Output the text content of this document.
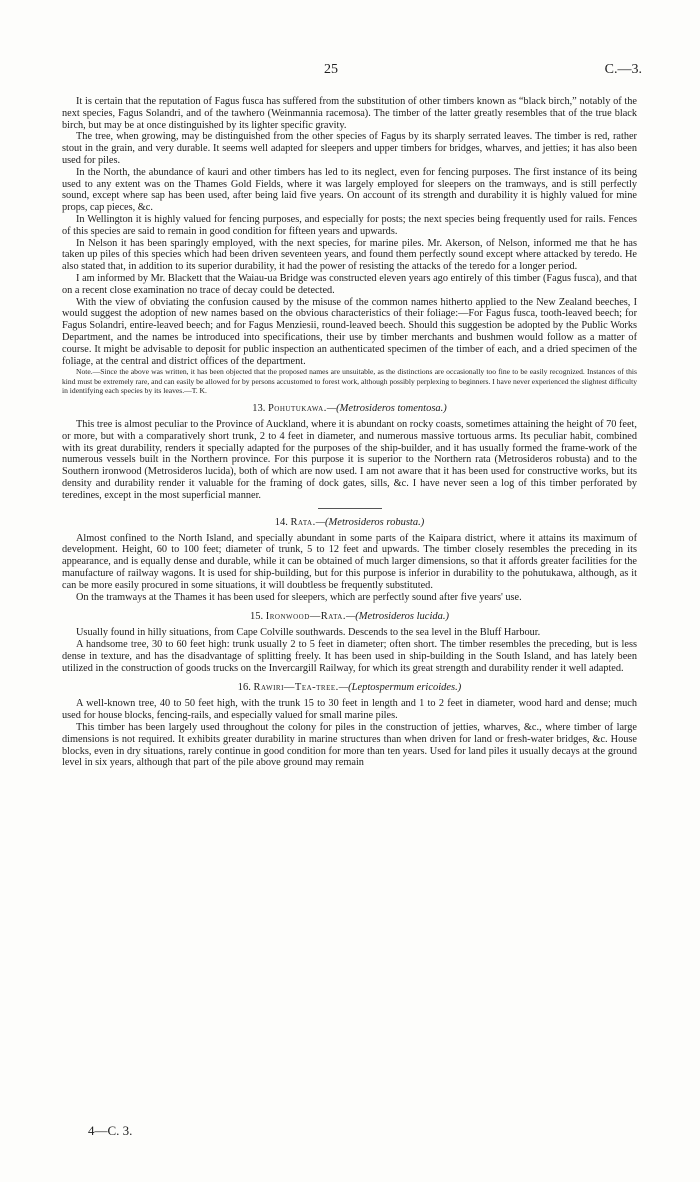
25	C.—3.

It is certain that the reputation of Fagus fusca has suffered from the substitution of other timbers known as “black birch,” notably of the next species, Fagus Solandri, and of the tawhero (Weinmannia racemosa). The timber of the latter greatly resembles that of the true black birch, but may be at once distinguished by its lighter specific gravity.

The tree, when growing, may be distinguished from the other species of Fagus by its sharply serrated leaves. The timber is red, rather stout in the grain, and very durable. It seems well adapted for sleepers and upper timbers for bridges, wharves, and jetties; it has also been used for piles.

In the North, the abundance of kauri and other timbers has led to its neglect, even for fencing purposes. The first instance of its being used to any extent was on the Thames Gold Fields, where it was largely employed for sleepers on the tramways, and is still perfectly sound, except where sap has been used, after being laid five years. On account of its strength and durability it is highly valued for mine props, cap pieces, &c.

In Wellington it is highly valued for fencing purposes, and especially for posts; the next species being frequently used for rails. Fences of this species are said to remain in good condition for fifteen years and upwards.

In Nelson it has been sparingly employed, with the next species, for marine piles. Mr. Akerson, of Nelson, informed me that he has taken up piles of this species which had been driven seventeen years, and found them perfectly sound except where attacked by teredo. He also stated that, in addition to its superior durability, it had the power of resisting the attacks of the teredo for a longer period.

I am informed by Mr. Blackett that the Waiau-ua Bridge was constructed eleven years ago entirely of this timber (Fagus fusca), and that on a recent close examination no trace of decay could be detected.

With the view of obviating the confusion caused by the misuse of the common names hitherto applied to the New Zealand beeches, I would suggest the adoption of new names based on the obvious characteristics of their foliage:—For Fagus fusca, tooth-leaved beech; for Fagus Solandri, entire-leaved beech; and for Fagus Menziesii, round-leaved beech. Should this suggestion be adopted by the Public Works Department, and the names be introduced into specifications, their use by timber merchants and bushmen would follow as a matter of course. It might be advisable to deposit for public inspection an authenticated specimen of the timber of each, and a dried specimen of the foliage, at the central and district offices of the department.

Note.—Since the above was written, it has been objected that the proposed names are unsuitable, as the distinctions are occasionally too fine to be easily recognized. Instances of this kind must be extremely rare, and can easily be allowed for by persons accustomed to forest work, although possibly perplexing to beginners. I have never experienced the slightest difficulty in identifying each species by its leaves.—T. K.

13. Pohutukawa.—(Metrosideros tomentosa.)

This tree is almost peculiar to the Province of Auckland, where it is abundant on rocky coasts, sometimes attaining the height of 70 feet, or more, but with a comparatively short trunk, 2 to 4 feet in diameter, and numerous massive tortuous arms. Its peculiar habit, combined with its great durability, renders it specially adapted for the purposes of the ship-builder, and it has usually formed the frame-work of the numerous vessels built in the Northern province. For this purpose it is superior to the Northern rata (Metrosideros robusta) and to the Southern ironwood (Metrosideros lucida), both of which are now used. I am not aware that it has been used for constructive works, but its density and durability render it valuable for the framing of dock gates, sills, &c. I have never seen a log of this timber perforated by teredines, except in the most superficial manner.

14. Rata.—(Metrosideros robusta.)

Almost confined to the North Island, and specially abundant in some parts of the Kaipara district, where it attains its maximum of development. Height, 60 to 100 feet; diameter of trunk, 5 to 12 feet and upwards. The timber closely resembles the preceding in its appearance, and is equally dense and durable, while it can be obtained of much larger dimensions, so that it affords greater facilities for the manufacture of railway wagons. It is used for ship-building, but for this purpose is inferior in durability to the pohutukawa, although, as it can be more easily procured in some situations, it will doubtless be frequently substituted.

On the tramways at the Thames it has been used for sleepers, which are perfectly sound after five years' use.

15. Ironwood—Rata.—(Metrosideros lucida.)

Usually found in hilly situations, from Cape Colville southwards. Descends to the sea level in the Bluff Harbour.

A handsome tree, 30 to 60 feet high: trunk usually 2 to 5 feet in diameter; often short. The timber resembles the preceding, but is less dense in texture, and has the disadvantage of splitting freely. It has been used in ship-building in the South Island, and has lately been utilized in the construction of goods trucks on the Invercargill Railway, for which its great strength and durability render it well adapted.

16. Rawiri—Tea-tree.—(Leptospermum ericoides.)

A well-known tree, 40 to 50 feet high, with the trunk 15 to 30 feet in length and 1 to 2 feet in diameter, wood hard and dense; much used for house blocks, fencing-rails, and especially valued for small marine piles.

This timber has been largely used throughout the colony for piles in the construction of jetties, wharves, &c., where timber of large dimensions is not required. It exhibits greater durability in marine structures than when driven for land or fresh-water bridges, &c. House blocks, even in dry situations, rarely continue in good condition for more than ten years. Used for land piles it usually decays at the ground level in six years, although that part of the pile above ground may remain

4—C. 3.
